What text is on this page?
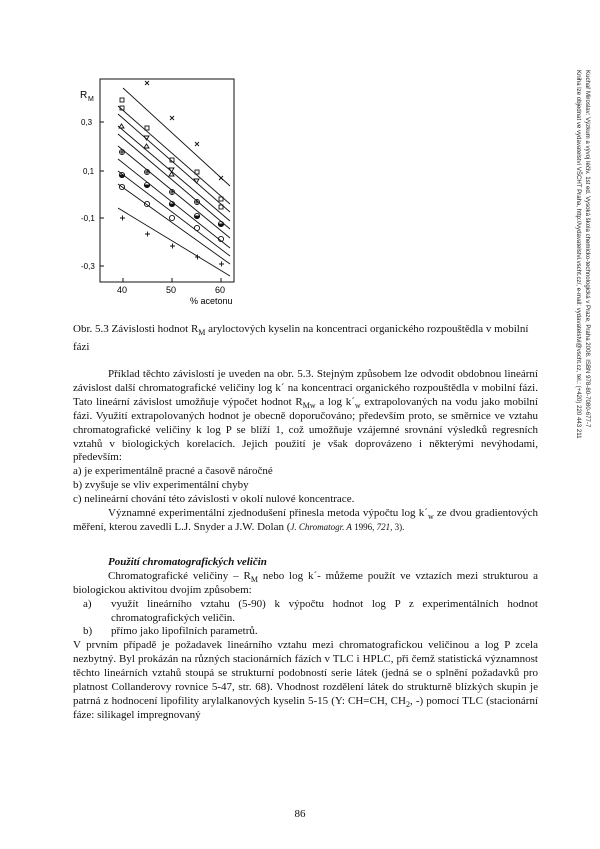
R M
0,3
0,1
-0,1
-0,3
40	50	60
% acetonu	Kuchař Miroslav: Výzkum a vývoj léčiv. 1st ed. Vysoká škola chemicko-technologická v Praze, Praha 2008. ISBN 978-80-7080-677-7
Kniha lze objednat ve vydavatelství VŠCHT Praha, http://vydavatelstvi.vscht.cz/, e-mail: vydavatelstvi@vscht.cz, tel.: (+420) 220 443 211
Obr. 5.3 Závislosti hodnot $R_M$ aryloctových kyselin na koncentraci organického rozpouštědla v mobilní fázi

Příklad těchto závislostí je uveden na obr. 5.3. Stejným způsobem lze odvodit obdobnou lineární závislost další chromatografické veličiny log k´ na koncentraci organického rozpouštědla v mobilní fázi. Tato lineární závislost umožňuje výpočet hodnot $R_{Mw}$ a $\log k´_w$ extrapolovaných na vodu jako mobilní fázi. Využití extrapolovaných hodnot je obecně doporučováno; především proto, se směrnice ve vztahu chromatografické veličiny k log P se blíží 1, což umožňuje vzájemné srovnání výsledků regresních vztahů v biologických korelacích. Jejich použití je však doprovázeno i některými nevýhodami, především:

a) je experimentálně pracné a časově náročné

b) zvyšuje se vliv experimentální chyby

c) nelineární chování této závislosti v okolí nulové koncentrace.

Významné experimentální zjednodušení přinesla metoda výpočtu $\log k´_w$ ze dvou gradientových měření, kterou zavedli L.J. Snyder a J.W. Dolan (J. Chromatogr. A 1996, 721, 3).

Použití chromatografických veličin

Chromatografické veličiny – $R_M$ nebo log k´- můžeme použít ve vztazích mezi strukturou a biologickou aktivitou dvojím způsobem:

a)	využít lineárního vztahu (5-90) k výpočtu hodnot log P z experimentálních hodnot chromatografických veličin.
b)	přímo jako lipofilních parametrů.

V prvním případě je požadavek lineárního vztahu mezi chromatografickou veličinou a log P zcela nezbytný. Byl prokázán na různých stacionárních fázích v TLC i HPLC, při čemž statistická významnost těchto lineárních vztahů stoupá se strukturní podobností serie látek (jedná se o splnění požadavků pro platnost Collanderovy rovnice 5-47, str. 68). Vhodnost rozdělení látek do strukturně blízkých skupin je patrná z hodnocení lipofility arylalkanových kyselin 5-15 (Y: CH=CH, $CH_2$, -) pomocí TLC (stacionární fáze: silikagel impregnovaný

86
